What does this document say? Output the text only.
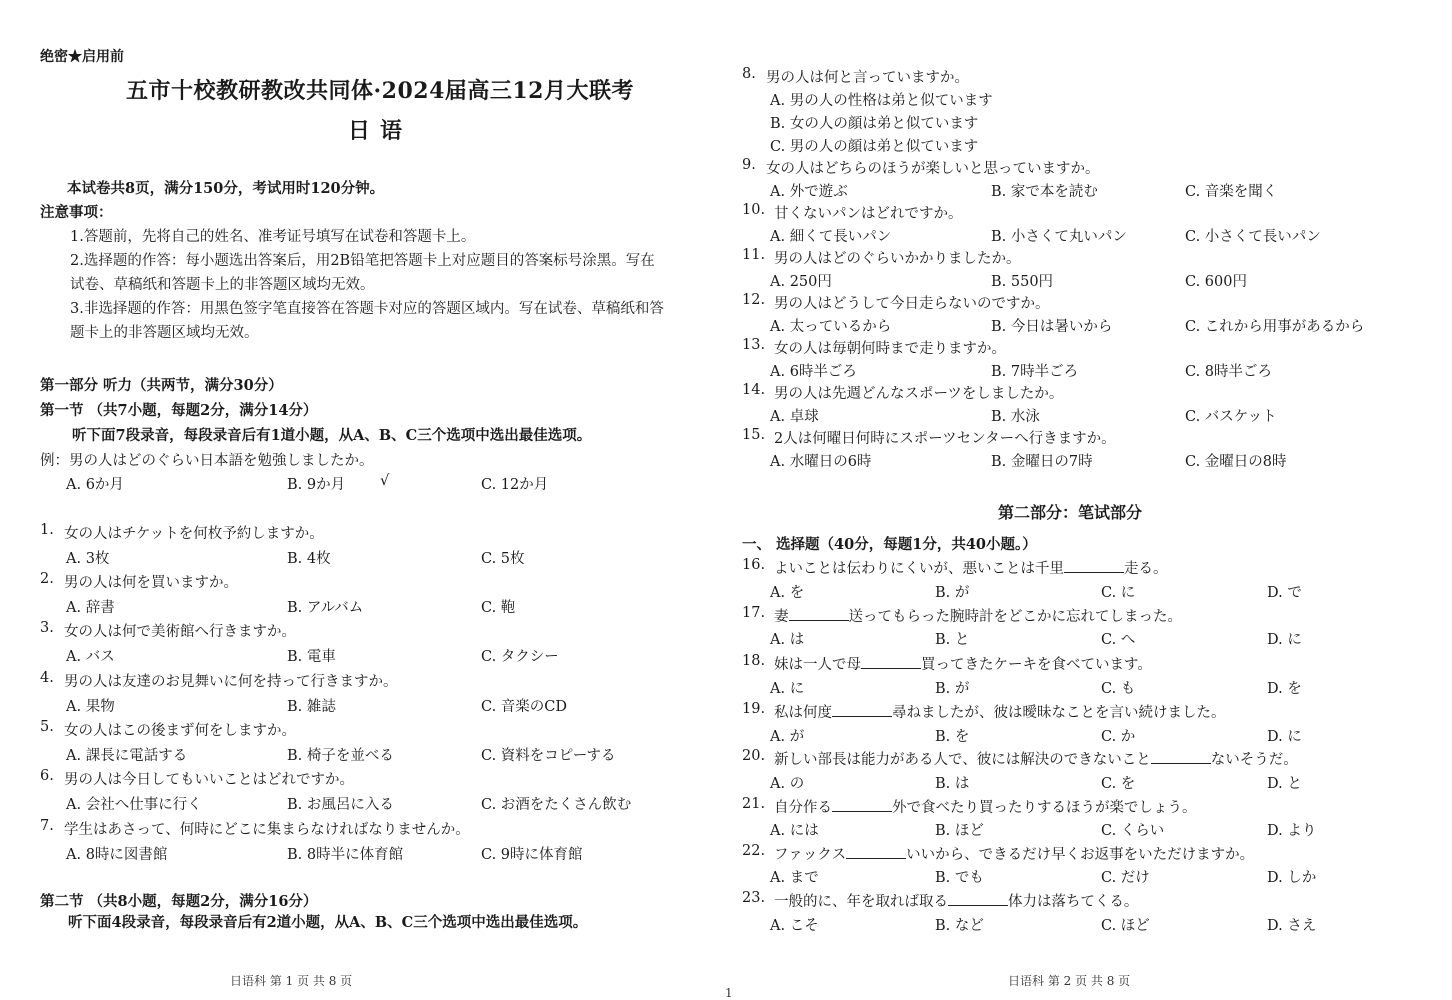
绝密★启用前
五市十校教研教改共同体·2024届高三12月大联考
日语
本试卷共8页，满分150分，考试用时120分钟。
注意事项：
1.答题前，先将自己的姓名、准考证号填写在试卷和答题卡上。
2.选择题的作答：每小题选出答案后，用2B铅笔把答题卡上对应题目的答案标号涂黑。写在
试卷、草稿纸和答题卡上的非答题区域均无效。
3.非选择题的作答：用黑色签字笔直接答在答题卡对应的答题区域内。写在试卷、草稿纸和答
题卡上的非答题区域均无效。
第一部分 听力（共两节，满分30分）
第一节 （共7小题，每题2分，满分14分）
听下面7段录音，每段录音后有1道小题，从A、B、C三个选项中选出最佳选项。
例：男の人はどのぐらい日本語を勉強しましたか。
A. 6か月	B. 9か月 √	C. 12か月
1. 女の人はチケットを何枚予約しますか。
A. 3枚	B. 4枚	C. 5枚
2. 男の人は何を買いますか。
A. 辞書	B. アルバム	C. 鞄
3. 女の人は何で美術館へ行きますか。
A. バス	B. 電車	C. タクシー
4. 男の人は友達のお見舞いに何を持って行きますか。
A. 果物	B. 雑誌	C. 音楽のCD
5. 女の人はこの後まず何をしますか。
A. 課長に電話する	B. 椅子を並べる	C. 資料をコピーする
6. 男の人は今日してもいいことはどれですか。
A. 会社へ仕事に行く	B. お風呂に入る	C. お酒をたくさん飲む
7. 学生はあさって、何時にどこに集まらなければなりませんか。
A. 8時に図書館	B. 8時半に体育館	C. 9時に体育館
第二节 （共8小题，每题2分，满分16分）
听下面4段录音，每段录音后有2道小题，从A、B、C三个选项中选出最佳选项。
日语科 第 1 页 共 8 页
1
8. 男の人は何と言っていますか。
A. 男の人の性格は弟と似ています
B. 女の人の顔は弟と似ています
C. 男の人の顔は弟と似ています
9. 女の人はどちらのほうが楽しいと思っていますか。
A. 外で遊ぶ	B. 家で本を読む	C. 音楽を聞く
10. 甘くないパンはどれですか。
A. 細くて長いパン	B. 小さくて丸いパン	C. 小さくて長いパン
11. 男の人はどのぐらいかかりましたか。
A. 250円	B. 550円	C. 600円
12. 男の人はどうして今日走らないのですか。
A. 太っているから	B. 今日は暑いから	C. これから用事があるから
13. 女の人は毎朝何時まで走りますか。
A. 6時半ごろ	B. 7時半ごろ	C. 8時半ごろ
14. 男の人は先週どんなスポーツをしましたか。
A. 卓球	B. 水泳	C. バスケット
15. 2人は何曜日何時にスポーツセンターへ行きますか。
A. 水曜日の6時	B. 金曜日の7時	C. 金曜日の8時
第二部分：笔试部分
一、 选择题（40分，每题1分，共40小题。）
16. よいことは伝わりにくいが、悪いことは千里	走る。
A. を	B. が	C. に	D. で
17. 妻	送ってもらった腕時計をどこかに忘れてしまった。
A. は	B. と	C. へ	D. に
18. 妹は一人で母	買ってきたケーキを食べています。
A. に	B. が	C. も	D. を
19. 私は何度	尋ねましたが、彼は曖昧なことを言い続けました。
A. が	B. を	C. か	D. に
20. 新しい部長は能力がある人で、彼には解決のできないこと	ないそうだ。
A. の	B. は	C. を	D. と
21. 自分作る	外で食べたり買ったりするほうが楽でしょう。
A. には	B. ほど	C. くらい	D. より
22. ファックス	いいから、できるだけ早くお返事をいただけますか。
A. まで	B. でも	C. だけ	D. しか
23. 一般的に、年を取れば取る	体力は落ちてくる。
A. こそ	B. など	C. ほど	D. さえ
日语科 第 2 页 共 8 页
